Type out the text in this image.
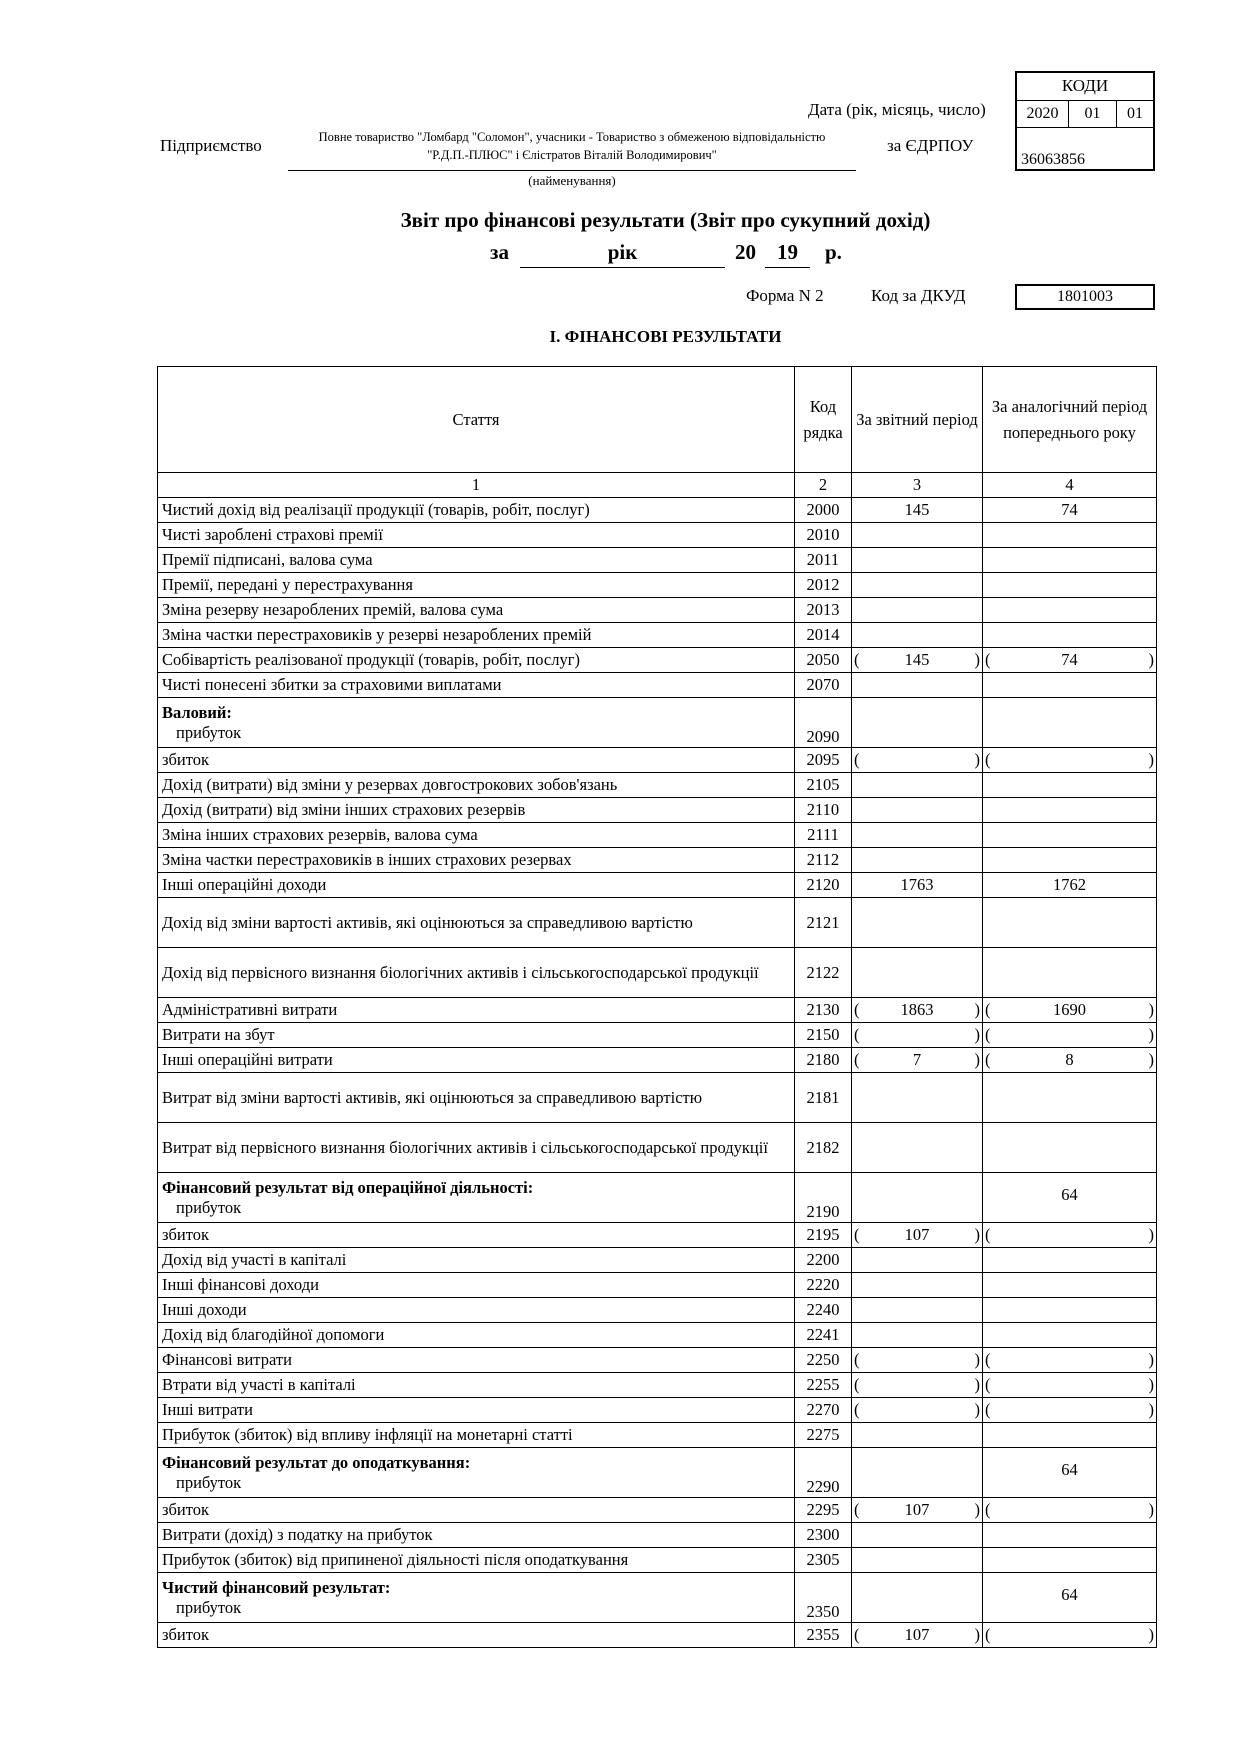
КОДИ
2020	01	01
36063856
Дата (рік, місяць, число)
Підприємство	Повне товариство "Ломбард "Соломон", учасники - Товариство з обмеженою відповідальністю
"Р.Д.П.-ПЛЮС" і Єлістратов Віталій Володимирович"
(найменування)
за ЄДРПОУ
Звіт про фінансові результати (Звіт про сукупний дохід)
за	рік	20	19	р.
Форма N 2	Код за ДКУД	1801003
I. ФІНАНСОВІ РЕЗУЛЬТАТИ
Стаття	Код рядка	За звітний період	За аналогічний період попереднього року
1	2	3	4
Чистий дохід від реалізації продукції (товарів, робіт, послуг)	2000	145	74
Чисті зароблені страхові премії	2010		
Премії підписані, валова сума	2011		
Премії, передані у перестрахування	2012		
Зміна резерву незароблених премій, валова сума	2013		
Зміна частки перестраховиків у резерві незароблених премій	2014		
Собівартість реалізованої продукції (товарів, робіт, послуг)	2050	( 145 )	( 74 )

Чисті понесені збитки за страховими виплатами	2070		

Валовий:
прибуток	2090		
збиток	2095	( )	( )

Дохід (витрати) від зміни у резервах довгострокових зобов'язань	2105		
Дохід (витрати) від зміни інших страхових резервів	2110		
Зміна інших страхових резервів, валова сума	2111		
Зміна частки перестраховиків в інших страхових резервах	2112		
Інші операційні доходи	2120	1763	1762
Дохід від зміни вартості активів, які оцінюються за справедливою вартістю	2121		
Дохід від первісного визнання біологічних активів і сільськогосподарської продукції	2122		
Адміністративні витрати	2130	( 1863 )	( 1690 )

Витрати на збут	2150	( )	( )

Інші операційні витрати	2180	( 7 )	( 8 )

Витрат від зміни вартості активів, які оцінюються за справедливою вартістю	2181		
Витрат від первісного визнання біологічних активів і сільськогосподарської продукції	2182		

Фінансовий результат від операційної діяльності:
прибуток	2190		64
збиток	2195	( 107 )	( )

Дохід від участі в капіталі	2200		
Інші фінансові доходи	2220		
Інші доходи	2240		
Дохід від благодійної допомоги	2241		
Фінансові витрати	2250	( )	( )

Втрати від участі в капіталі	2255	( )	( )

Інші витрати	2270	( )	( )

Прибуток (збиток) від впливу інфляції на монетарні статті	2275		

Фінансовий результат до оподаткування:
прибуток	2290		64
збиток	2295	( 107 )	( )

Витрати (дохід) з податку на прибуток	2300		
Прибуток (збиток) від припиненої діяльності після оподаткування	2305		

Чистий фінансовий результат:
прибуток	2350		64
збиток	2355	( 107 )	( )
